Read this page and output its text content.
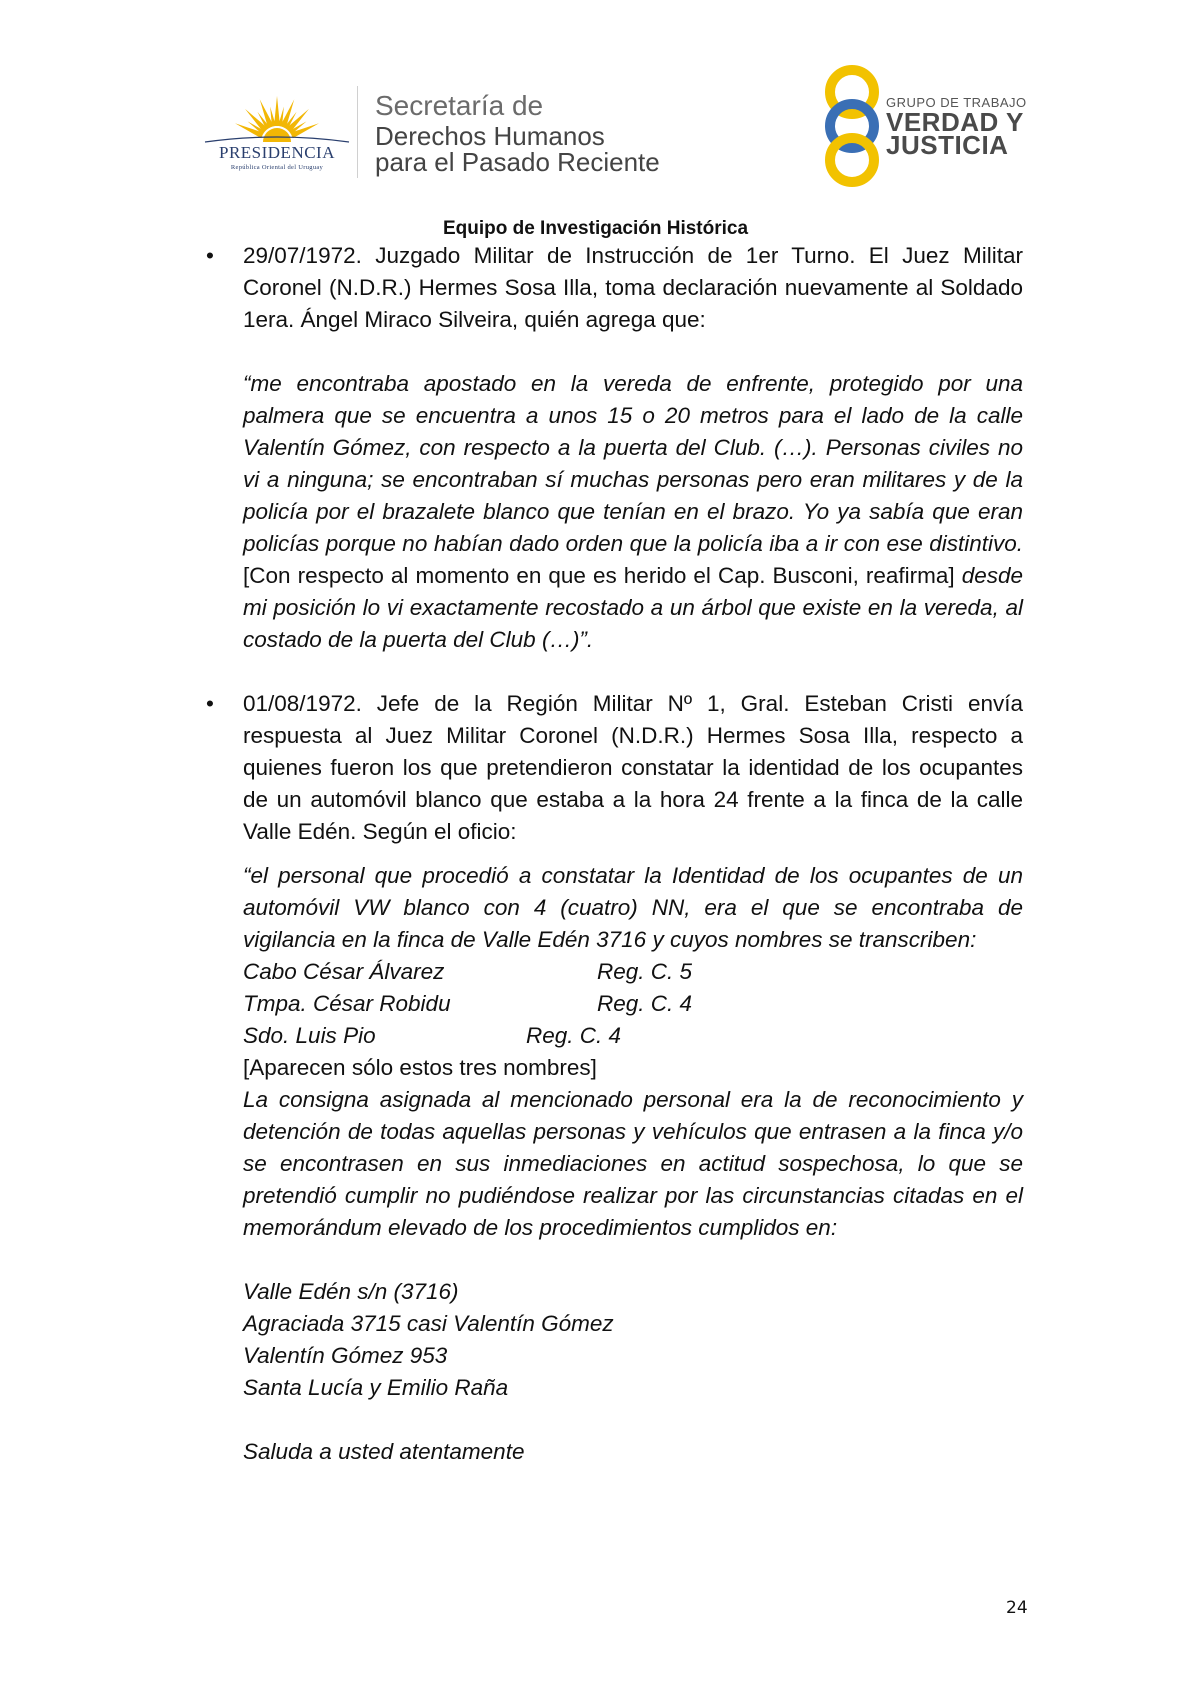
PRESIDENCIA
República Oriental del Uruguay
Secretaría de
Derechos Humanos
para el Pasado Reciente
GRUPO DE TRABAJO
VERDAD Y
JUSTICIA
Equipo de Investigación Histórica
• 29/07/1972. Juzgado Militar de Instrucción de 1er Turno. El Juez Militar Coronel (N.D.R.) Hermes Sosa Illa, toma declaración nuevamente al Soldado 1era. Ángel Miraco Silveira, quién agrega que:

“me encontraba apostado en la vereda de enfrente, protegido por una palmera que se encuentra a unos 15 o 20 metros para el lado de la calle Valentín Gómez, con respecto a la puerta del Club. (…). Personas civiles no vi a ninguna; se encontraban sí muchas personas pero eran militares y de la policía por el brazalete blanco que tenían en el brazo. Yo ya sabía que eran policías porque no habían dado orden que la policía iba a ir con ese distintivo. [Con respecto al momento en que es herido el Cap. Busconi, reafirma] desde mi posición lo vi exactamente recostado a un árbol que existe en la vereda, al costado de la puerta del Club (…)”.

• 01/08/1972. Jefe de la Región Militar Nº 1, Gral. Esteban Cristi envía respuesta al Juez Militar Coronel (N.D.R.) Hermes Sosa Illa, respecto a quienes fueron los que pretendieron constatar la identidad de los ocupantes de un automóvil blanco que estaba a la hora 24 frente a la finca de la calle Valle Edén. Según el oficio:

“el personal que procedió a constatar la Identidad de los ocupantes de un automóvil VW blanco con 4 (cuatro) NN, era el que se encontraba de vigilancia en la finca de Valle Edén 3716 y cuyos nombres se transcriben:

Cabo César Álvarez	Reg. C. 5
Tmpa. César Robidu	Reg. C. 4
Sdo. Luis Pio	Reg. C. 4

[Aparecen sólo estos tres nombres]

La consigna asignada al mencionado personal era la de reconocimiento y detención de todas aquellas personas y vehículos que entrasen a la finca y/o se encontrasen en sus inmediaciones en actitud sospechosa, lo que se pretendió cumplir no pudiéndose realizar por las circunstancias citadas en el memorándum elevado de los procedimientos cumplidos en:

Valle Edén s/n (3716)

Agraciada 3715 casi Valentín Gómez

Valentín Gómez 953

Santa Lucía y Emilio Raña

Saluda a usted atentamente

24
